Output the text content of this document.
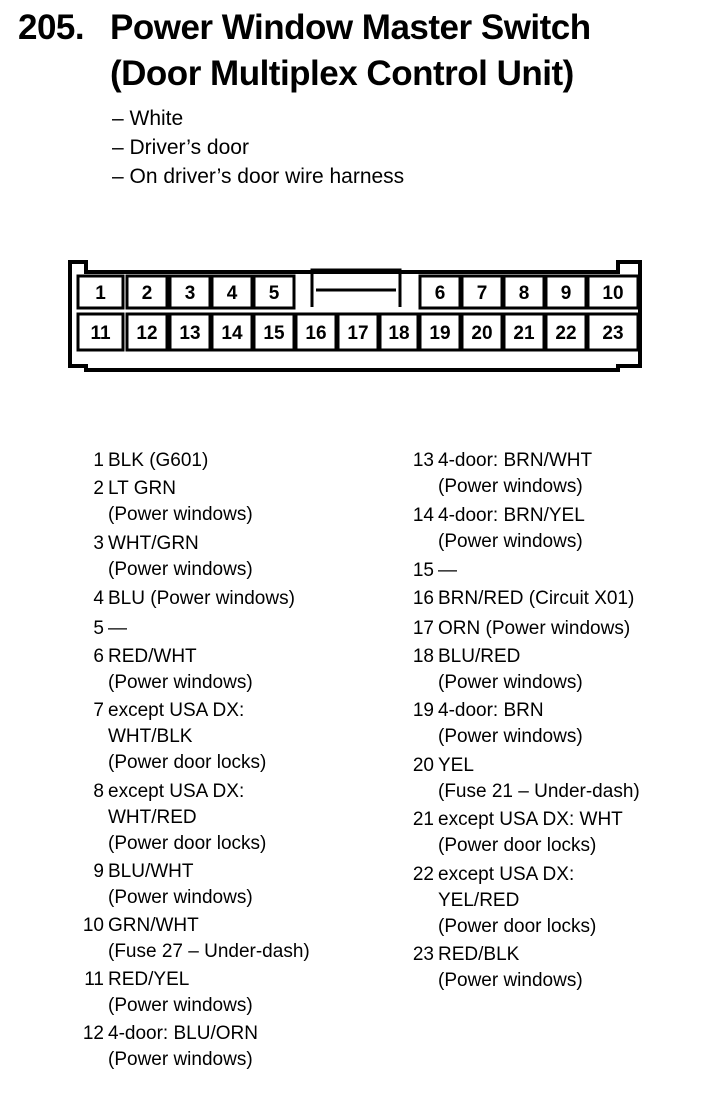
205. Power Window Master Switch
(Door Multiplex Control Unit)
– White
– Driver’s door
– On driver’s door wire harness
1 2 3 4 5	6 7 8 9 10
11 12 13 14 15 16 17 18 19 20 21 22 23
1 BLK (G601)
2 LT GRN
(Power windows)
3 WHT/GRN
(Power windows)
4 BLU (Power windows)
5 —
6 RED/WHT
(Power windows)
7 except USA DX:
WHT/BLK
(Power door locks)
8 except USA DX:
WHT/RED
(Power door locks)
9 BLU/WHT
(Power windows)
10 GRN/WHT
(Fuse 27 – Under-dash)
11 RED/YEL
(Power windows)
12 4-door: BLU/ORN
(Power windows)
13 4-door: BRN/WHT
(Power windows)
14 4-door: BRN/YEL
(Power windows)
15 —
16 BRN/RED (Circuit X01)
17 ORN (Power windows)
18 BLU/RED
(Power windows)
19 4-door: BRN
(Power windows)
20 YEL
(Fuse 21 – Under-dash)
21 except USA DX: WHT
(Power door locks)
22 except USA DX:
YEL/RED
(Power door locks)
23 RED/BLK
(Power windows)
